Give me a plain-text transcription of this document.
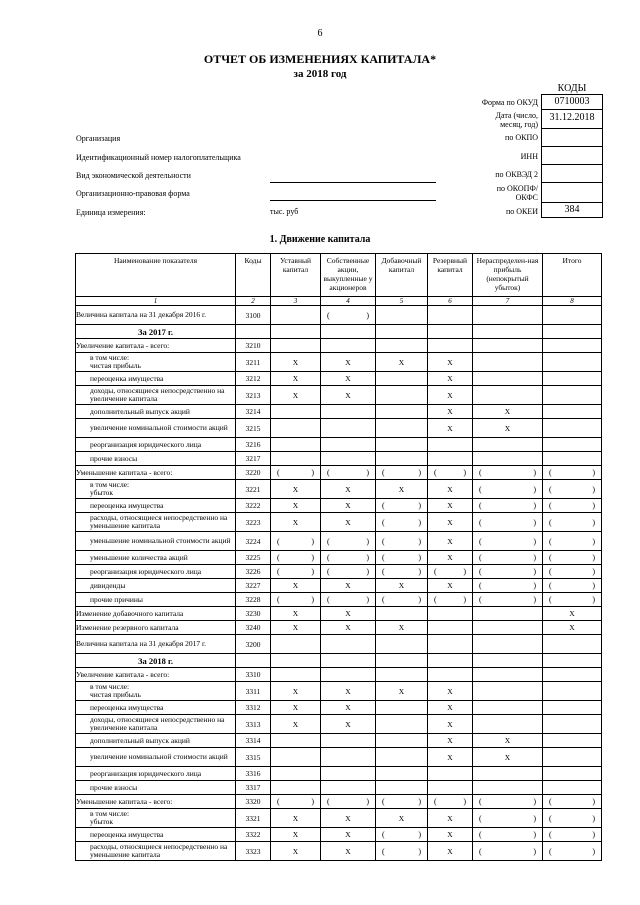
6
ОТЧЕТ ОБ ИЗМЕНЕНИЯХ КАПИТАЛА*
за 2018 год
КОДЫ
Форма по ОКУД	0710003
Дата (число,
месяц, год)
31.12.2018
по ОКПО
ИНН
по ОКВЭД 2
по ОКОПФ/
ОКФС
по ОКЕИ	384
Организация
Идентификационный номер налогоплательщика
Вид экономической деятельности
Организационно-правовая форма
Единица измерения:	тыс. руб
1. Движение капитала
Наименование показателя	Коды	Уставный капитал	Собственные акции, выкупленные у акционеров	Добавочный капитал	Резервный капитал	Нераспределен-ная прибыль (непокрытый убыток)	Итого
1	2	3	4	5	6	7	8
Величина капитала на 31 декабря 2016 г.	3100		( )				

За 2017 г.							
Увеличение капитала - всего:	3210						
в том числе:
чистая прибыль	3211	X	X	X	X		
переоценка имущества	3212	X	X		X		
доходы, относящиеся непосредственно на увеличение капитала	3213	X	X		X		
дополнительный выпуск акций	3214				X	X	
увеличение номинальной стоимости акций	3215				X	X	
реорганизация юридического лица	3216						
прочие взносы	3217						
Уменьшение капитала - всего:	3220	( )	( )	( )	( )	( )	( )

в том числе:
убыток	3221	X	X	X	X	( )	( )

переоценка имущества	3222	X	X	( )	X	( )	( )

расходы, относящиеся непосредственно на уменьшение капитала	3223	X	X	( )	X	( )	( )

уменьшение номинальной стоимости акций	3224	( )	( )	( )	X	( )	( )

уменьшение количества акций	3225	( )	( )	( )	X	( )	( )

реорганизация юридического лица	3226	( )	( )	( )	( )	( )	( )

дивиденды	3227	X	X	X	X	( )	( )

прочие причины	3228	( )	( )	( )	( )	( )	( )

Изменение добавочного капитала	3230	X	X				X
Изменение резервного капитала	3240	X	X	X			X
Величина капитала на 31 декабря 2017 г.	3200						
За 2018 г.							
Увеличение капитала - всего:	3310						
в том числе:
чистая прибыль	3311	X	X	X	X		
переоценка имущества	3312	X	X		X		
доходы, относящиеся непосредственно на увеличение капитала	3313	X	X		X		
дополнительный выпуск акций	3314				X	X	
увеличение номинальной стоимости акций	3315				X	X	
реорганизация юридического лица	3316						
прочие взносы	3317						
Уменьшение капитала - всего:	3320	( )	( )	( )	( )	( )	( )

в том числе:
убыток	3321	X	X	X	X	( )	( )

переоценка имущества	3322	X	X	( )	X	( )	( )

расходы, относящиеся непосредственно на уменьшение капитала	3323	X	X	( )	X	( )	( )
